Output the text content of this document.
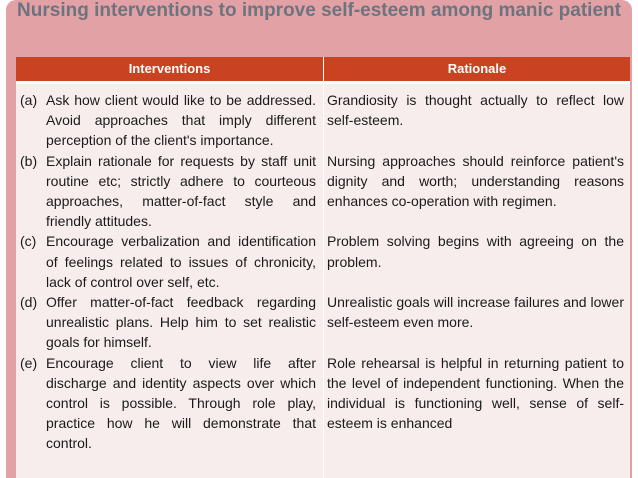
Nursing interventions to improve self-esteem among manic patient
Interventions	Rationale
(a) Ask how client would like to be addressed. Avoid approaches that imply different perception of the client's importance.
(b) Explain rationale for requests by staff unit routine etc; strictly adhere to courteous approaches, matter-of-fact style and friendly attitudes.
(c) Encourage verbalization and identification of feelings related to issues of chronicity, lack of control over self, etc.
(d) Offer matter-of-fact feedback regarding unrealistic plans. Help him to set realistic goals for himself.
(e) Encourage client to view life after discharge and identity aspects over which control is possible. Through role play, practice how he will demonstrate that control.

Grandiosity is thought actually to reflect low self-esteem.

Nursing approaches should reinforce patient's dignity and worth; understanding reasons enhances co-operation with regimen.

Problem solving begins with agreeing on the problem.

Unrealistic goals will increase failures and lower self-esteem even more.

Role rehearsal is helpful in returning patient to the level of independent functioning. When the individual is functioning well, sense of self-esteem is enhanced
